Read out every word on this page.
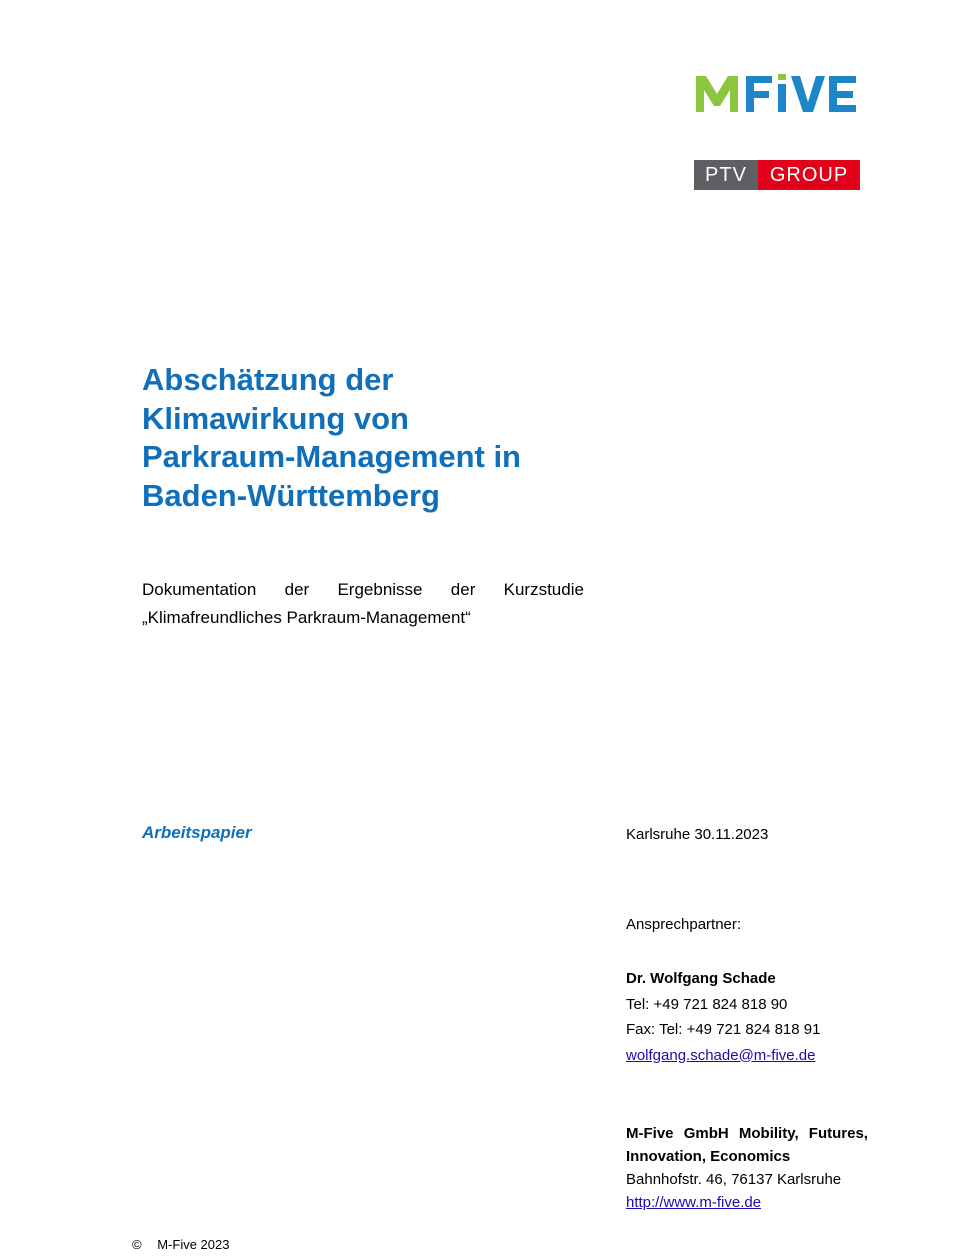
PTV	GROUP
Abschätzung der
Klimawirkung von
Parkraum-Management in
Baden-Württemberg
Dokumentation der Ergebnisse der Kurzstudie
„Klimafreundliches Parkraum-Management“
Arbeitspapier	Karlsruhe 30.11.2023
Ansprechpartner:
Dr. Wolfgang Schade
Tel: +49 721 824 818 90
Fax: Tel: +49 721 824 818 91
wolfgang.schade@m-five.de
M-Five GmbH Mobility, Futures,
Innovation, Economics
Bahnhofstr. 46, 76137 Karlsruhe
http://www.m-five.de
© M-Five 2023
